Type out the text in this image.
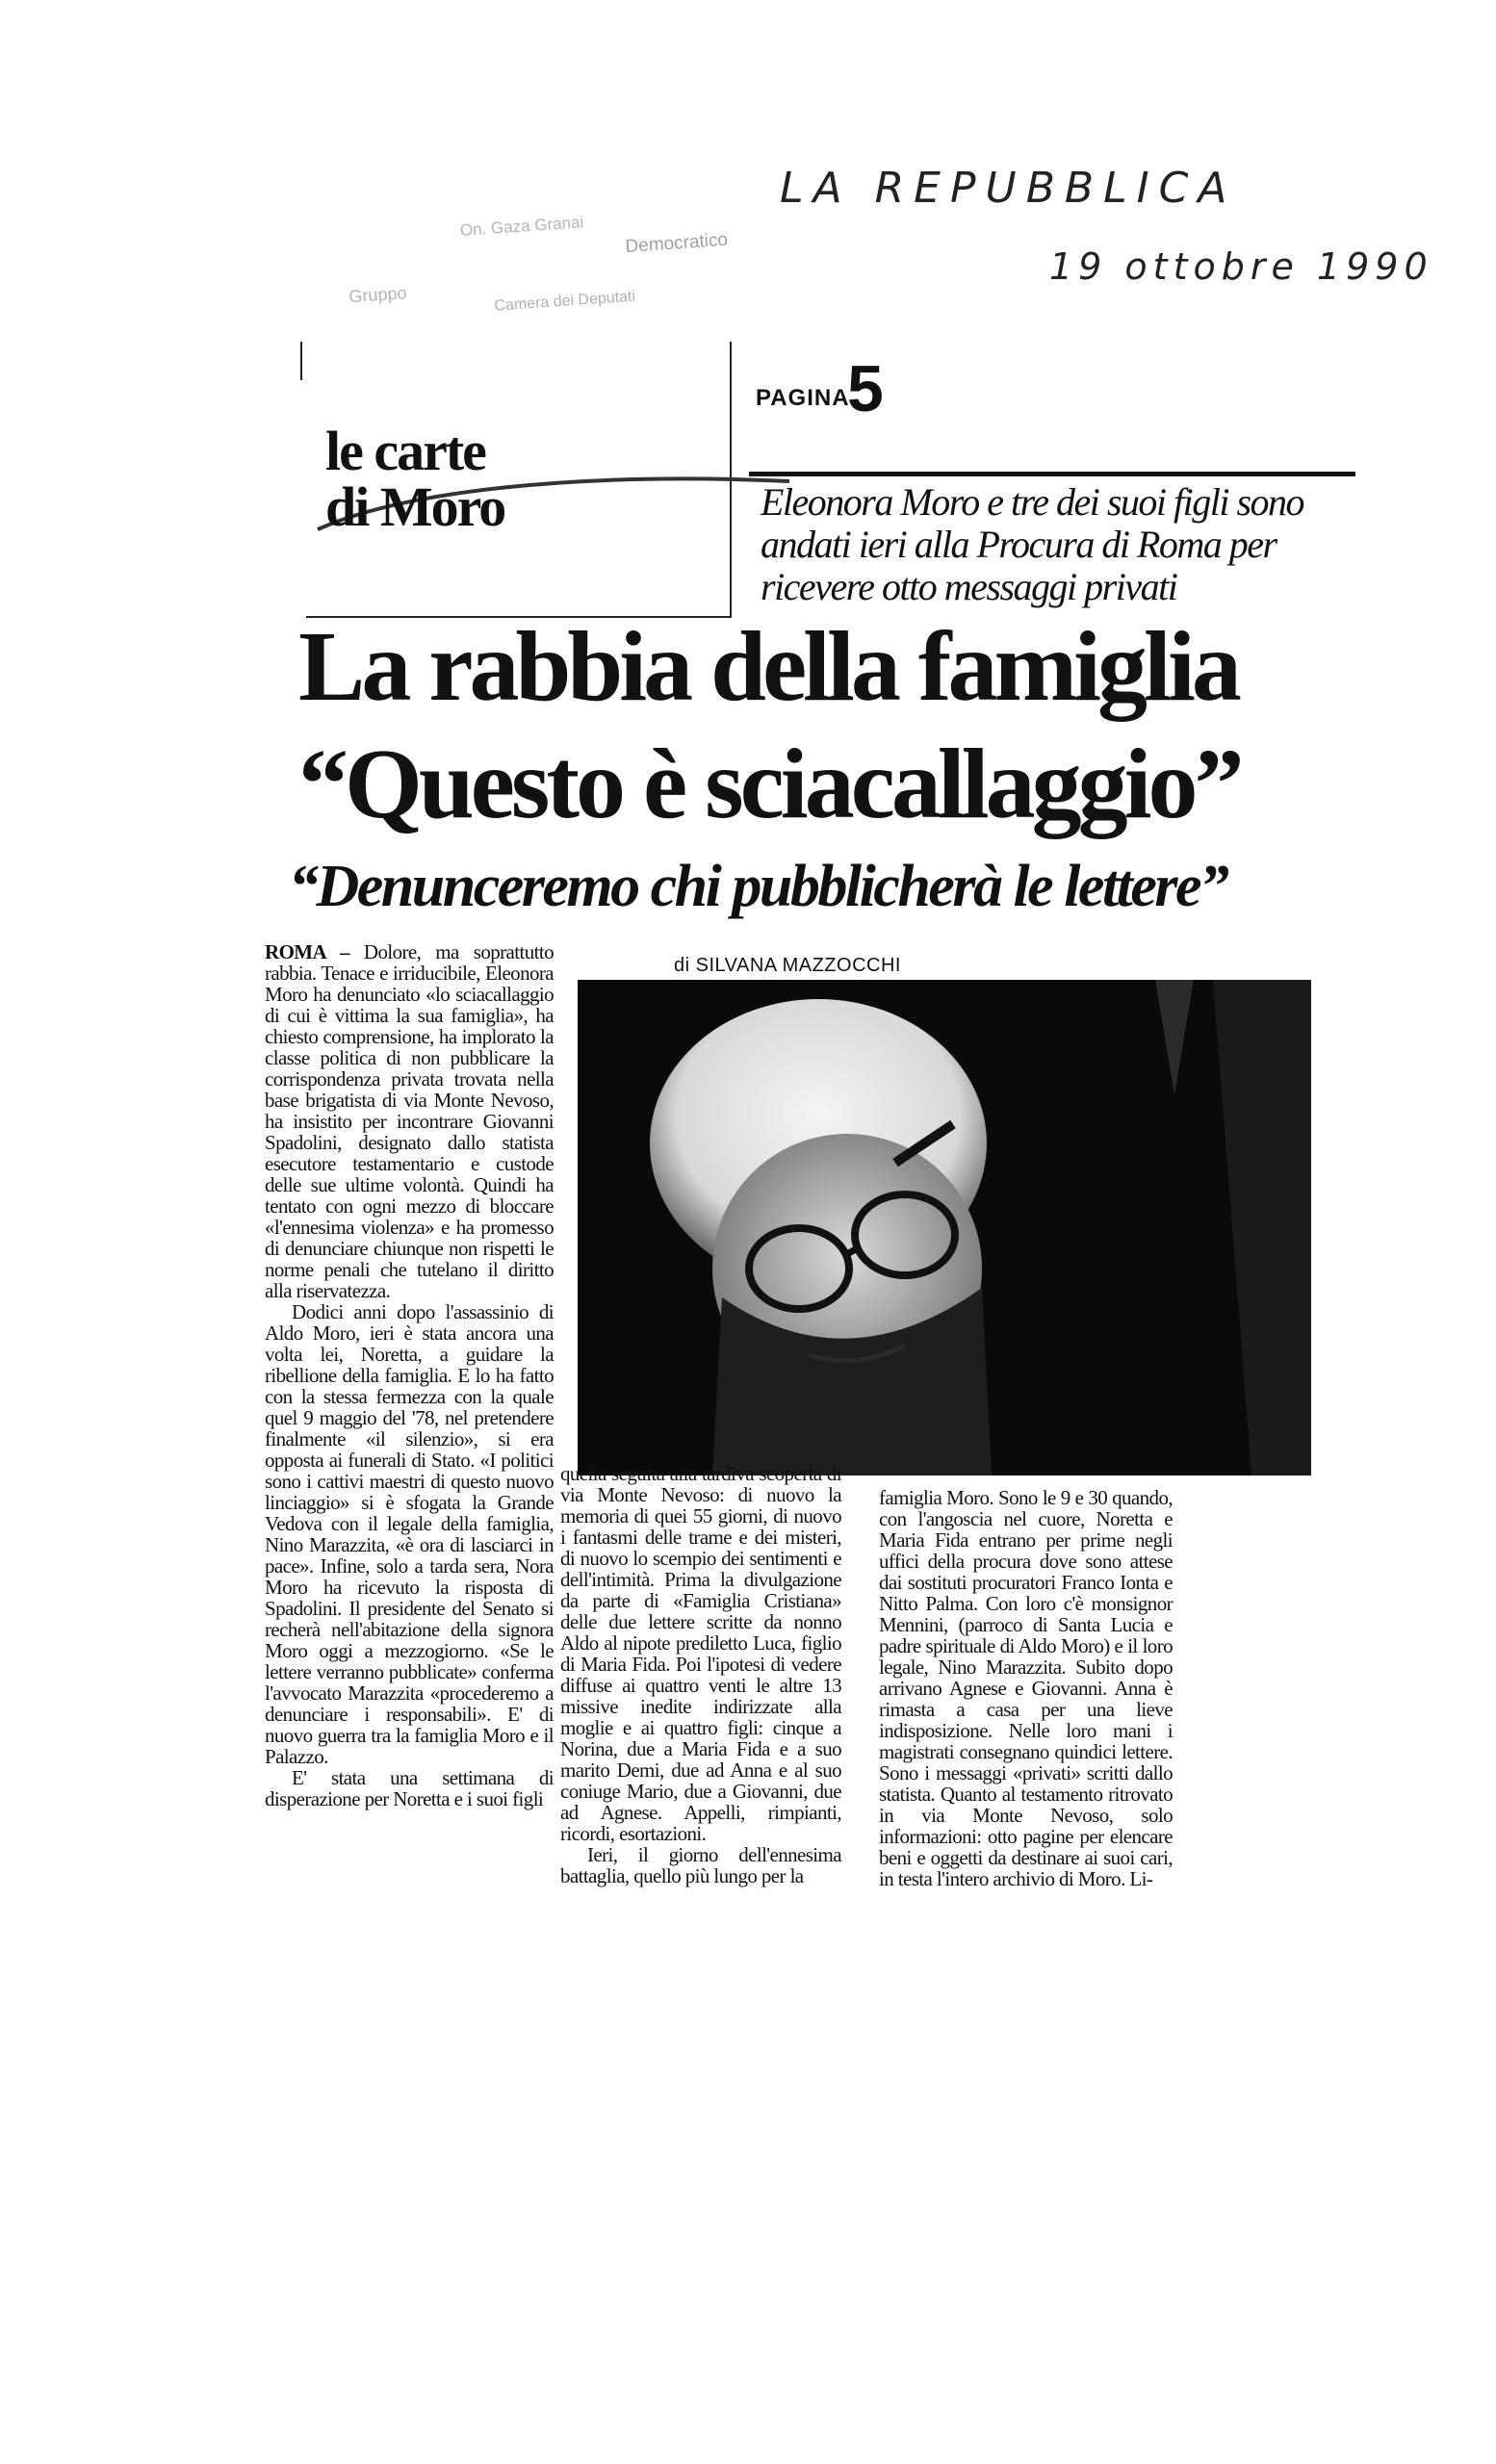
On. Gaza Granai
Democratico
Gruppo	Camera dei Deputati
LA REPUBBLICA
19 ottobre 1990
le carte
di Moro
PAGINA
5
Eleonora Moro e tre dei suoi figli sono andati ieri alla Procura di Roma per ricevere otto messaggi privati
La rabbia della famiglia
“Questo è sciacallaggio”
“Denunceremo chi pubblicherà le lettere”
di SILVANA MAZZOCCHI

ROMA – Dolore, ma soprattutto rabbia. Tenace e irriducibile, Eleonora Moro ha denunciato «lo sciacallaggio di cui è vittima la sua famiglia», ha chiesto comprensione, ha implorato la classe politica di non pubblicare la corrispondenza privata trovata nella base brigatista di via Monte Nevoso, ha insistito per incontrare Giovanni Spadolini, designato dallo statista esecutore testamentario e custode delle sue ultime volontà. Quindi ha tentato con ogni mezzo di bloccare «l'ennesima violenza» e ha promesso di denunciare chiunque non rispetti le norme penali che tutelano il diritto alla riservatezza.

Dodici anni dopo l'assassinio di Aldo Moro, ieri è stata ancora una volta lei, Noretta, a guidare la ribellione della famiglia. E lo ha fatto con la stessa fermezza con la quale quel 9 maggio del '78, nel pretendere finalmente «il silenzio», si era opposta ai funerali di Stato. «I politici sono i cattivi maestri di questo nuovo linciaggio» si è sfogata la Grande Vedova con il legale della famiglia, Nino Marazzita, «è ora di lasciarci in pace». Infine, solo a tarda sera, Nora Moro ha ricevuto la risposta di Spadolini. Il presidente del Senato si recherà nell'abitazione della signora Moro oggi a mezzogiorno. «Se le lettere verranno pubblicate» conferma l'avvocato Marazzita «procederemo a denunciare i responsabili». E' di nuovo guerra tra la famiglia Moro e il Palazzo.

E' stata una settimana di disperazione per Noretta e i suoi figli

quella seguita alla tardiva scoperta di via Monte Nevoso: di nuovo la memoria di quei 55 giorni, di nuovo i fantasmi delle trame e dei misteri, di nuovo lo scempio dei sentimenti e dell'intimità. Prima la divulgazione da parte di «Famiglia Cristiana» delle due lettere scritte da nonno Aldo al nipote prediletto Luca, figlio di Maria Fida. Poi l'ipotesi di vedere diffuse ai quattro venti le altre 13 missive inedite indirizzate alla moglie e ai quattro figli: cinque a Norina, due a Maria Fida e a suo marito Demi, due ad Anna e al suo coniuge Mario, due a Giovanni, due ad Agnese. Appelli, rimpianti, ricordi, esortazioni.

Ieri, il giorno dell'ennesima battaglia, quello più lungo per la

famiglia Moro. Sono le 9 e 30 quando, con l'angoscia nel cuore, Noretta e Maria Fida entrano per prime negli uffici della procura dove sono attese dai sostituti procuratori Franco Ionta e Nitto Palma. Con loro c'è monsignor Mennini, (parroco di Santa Lucia e padre spirituale di Aldo Moro) e il loro legale, Nino Marazzita. Subito dopo arrivano Agnese e Giovanni. Anna è rimasta a casa per una lieve indisposizione. Nelle loro mani i magistrati consegnano quindici lettere. Sono i messaggi «privati» scritti dallo statista. Quanto al testamento ritrovato in via Monte Nevoso, solo informazioni: otto pagine per elencare beni e oggetti da destinare ai suoi cari, in testa l'intero archivio di Moro. Li-
